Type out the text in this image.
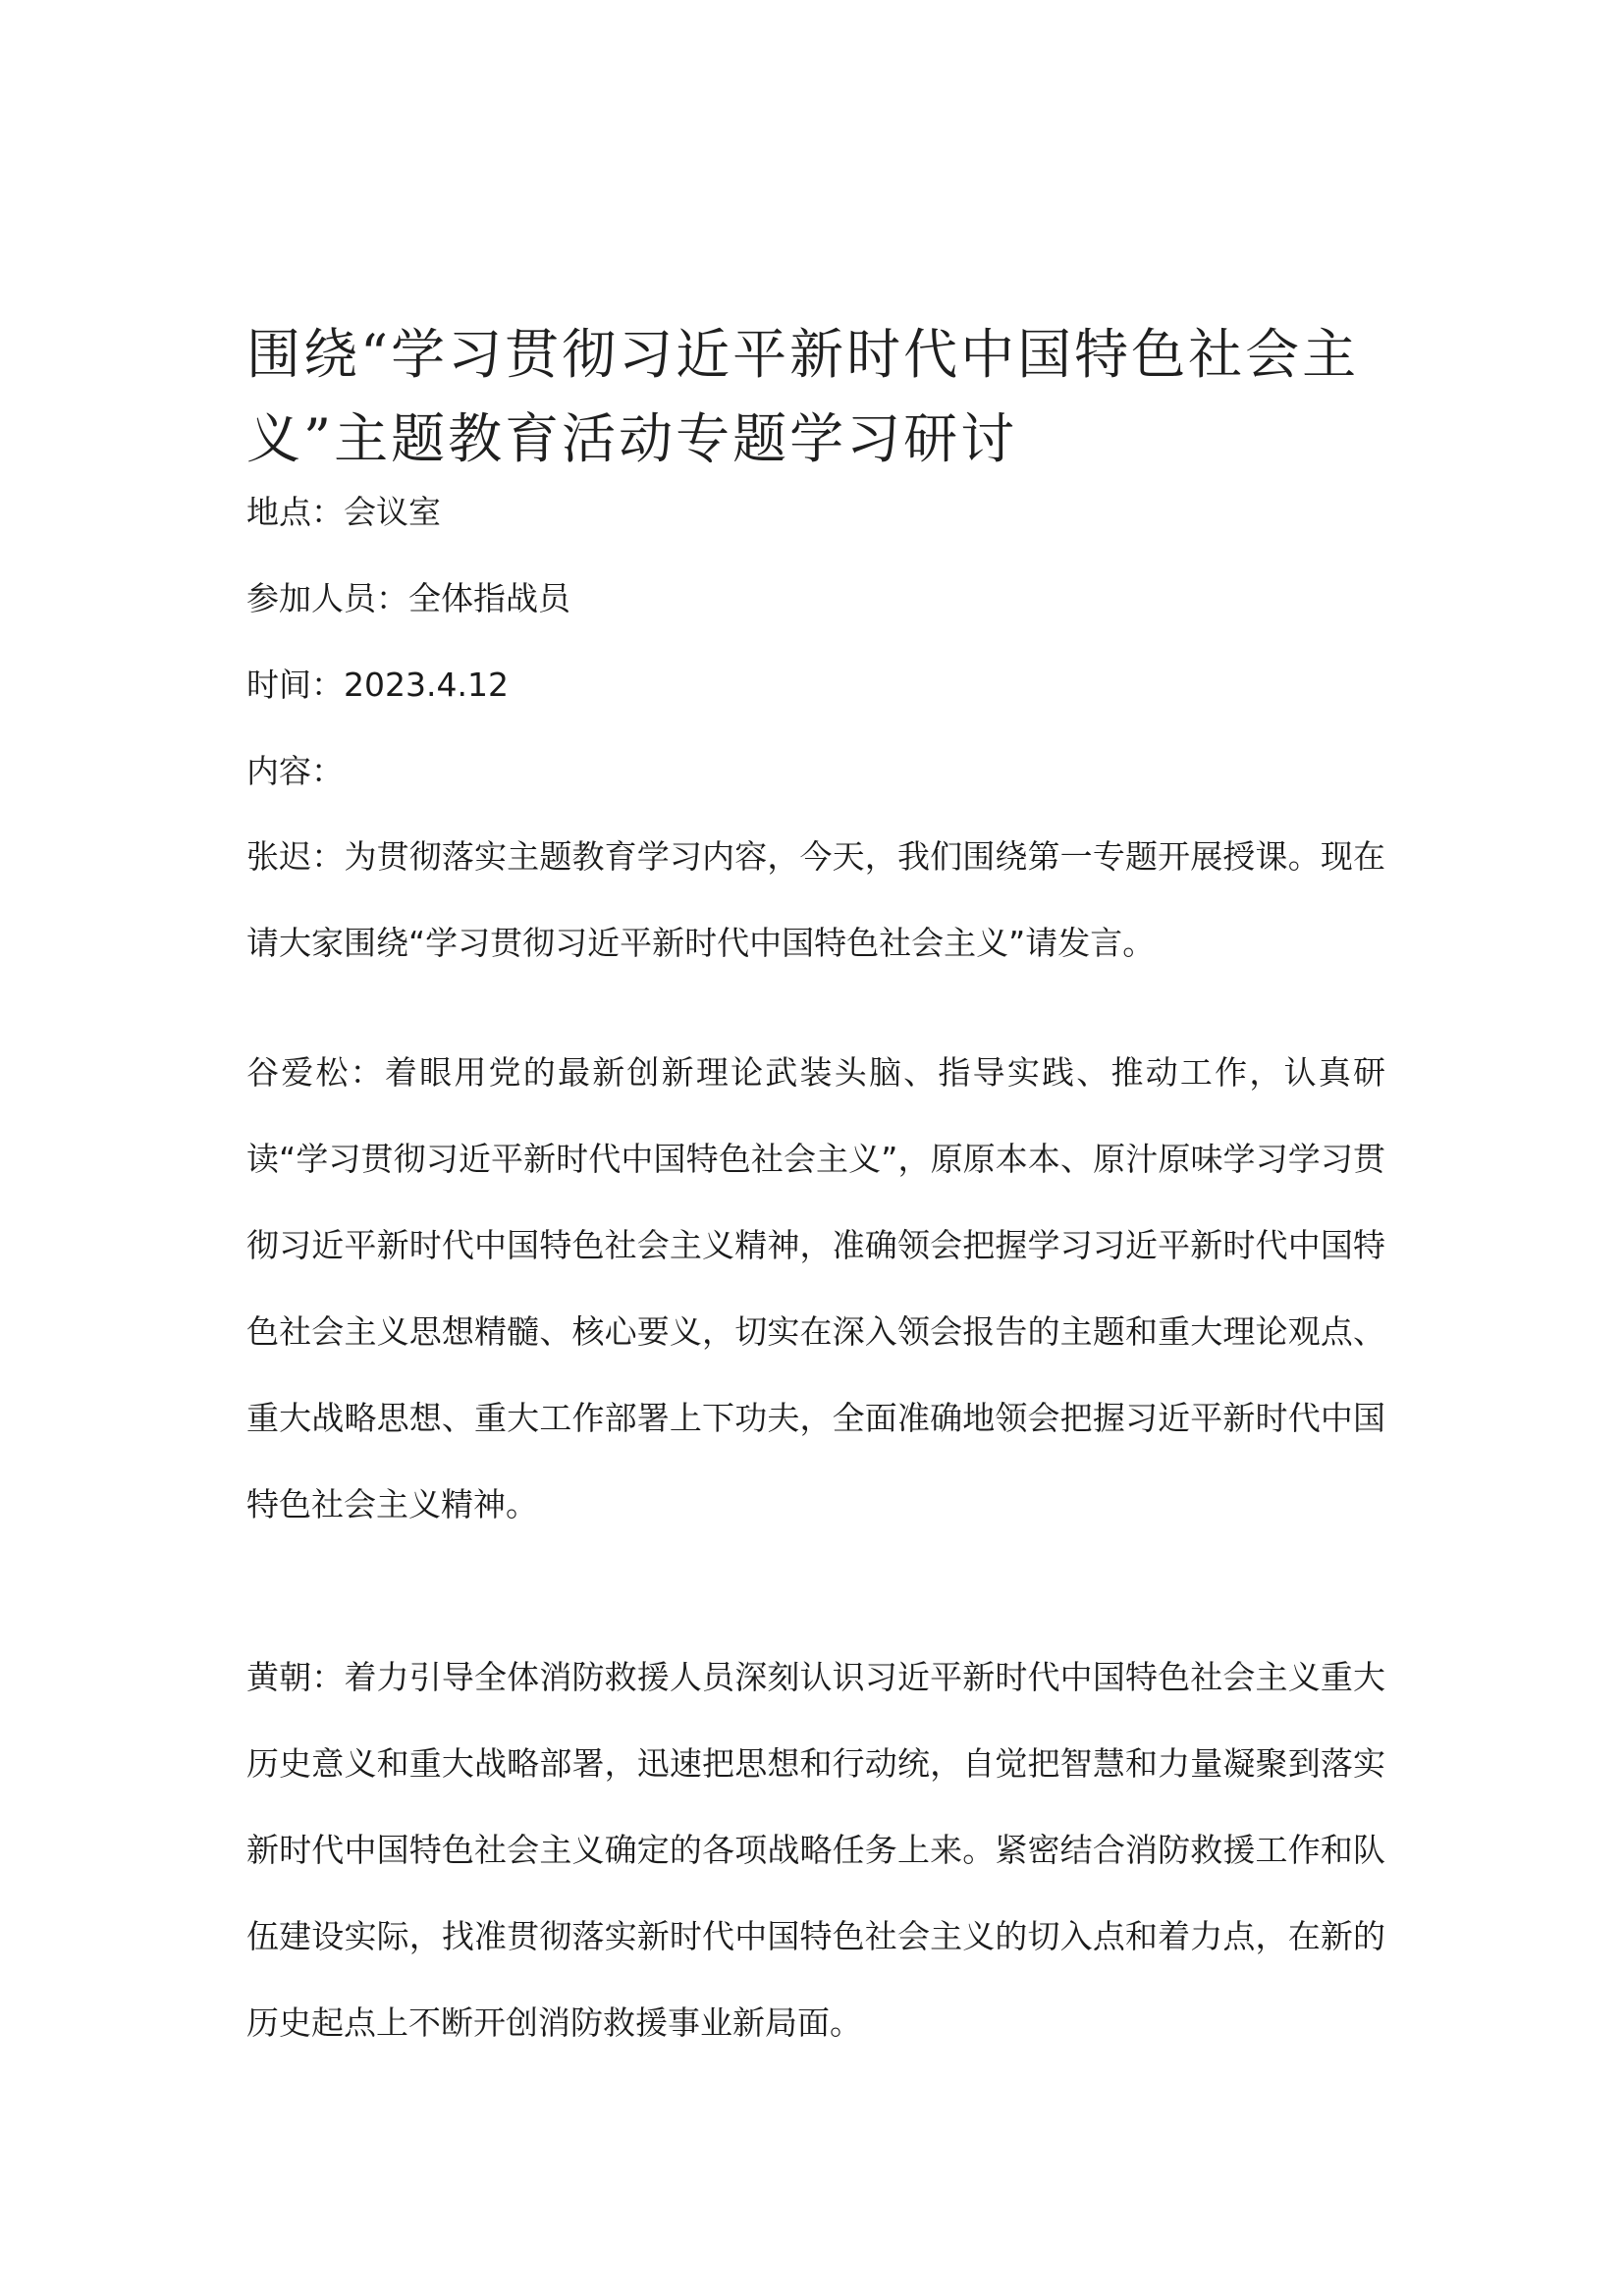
围绕“学习贯彻习近平新时代中国特色社会主义”主题教育活动专题学习研讨

地点：会议室

参加人员：全体指战员

时间：2023.4.12

内容：

张迟：为贯彻落实主题教育学习内容，今天，我们围绕第一专题开展授课。现在请大家围绕“学习贯彻习近平新时代中国特色社会主义”请发言。

谷爱松：着眼用党的最新创新理论武装头脑、指导实践、推动工作，认真研读“学习贯彻习近平新时代中国特色社会主义”，原原本本、原汁原味学习学习贯彻习近平新时代中国特色社会主义精神，准确领会把握学习习近平新时代中国特色社会主义思想精髓、核心要义，切实在深入领会报告的主题和重大理论观点、重大战略思想、重大工作部署上下功夫，全面准确地领会把握习近平新时代中国特色社会主义精神。

黄朝：着力引导全体消防救援人员深刻认识习近平新时代中国特色社会主义重大历史意义和重大战略部署，迅速把思想和行动统，自觉把智慧和力量凝聚到落实新时代中国特色社会主义确定的各项战略任务上来。紧密结合消防救援工作和队伍建设实际，找准贯彻落实新时代中国特色社会主义的切入点和着力点，在新的历史起点上不断开创消防救援事业新局面。
